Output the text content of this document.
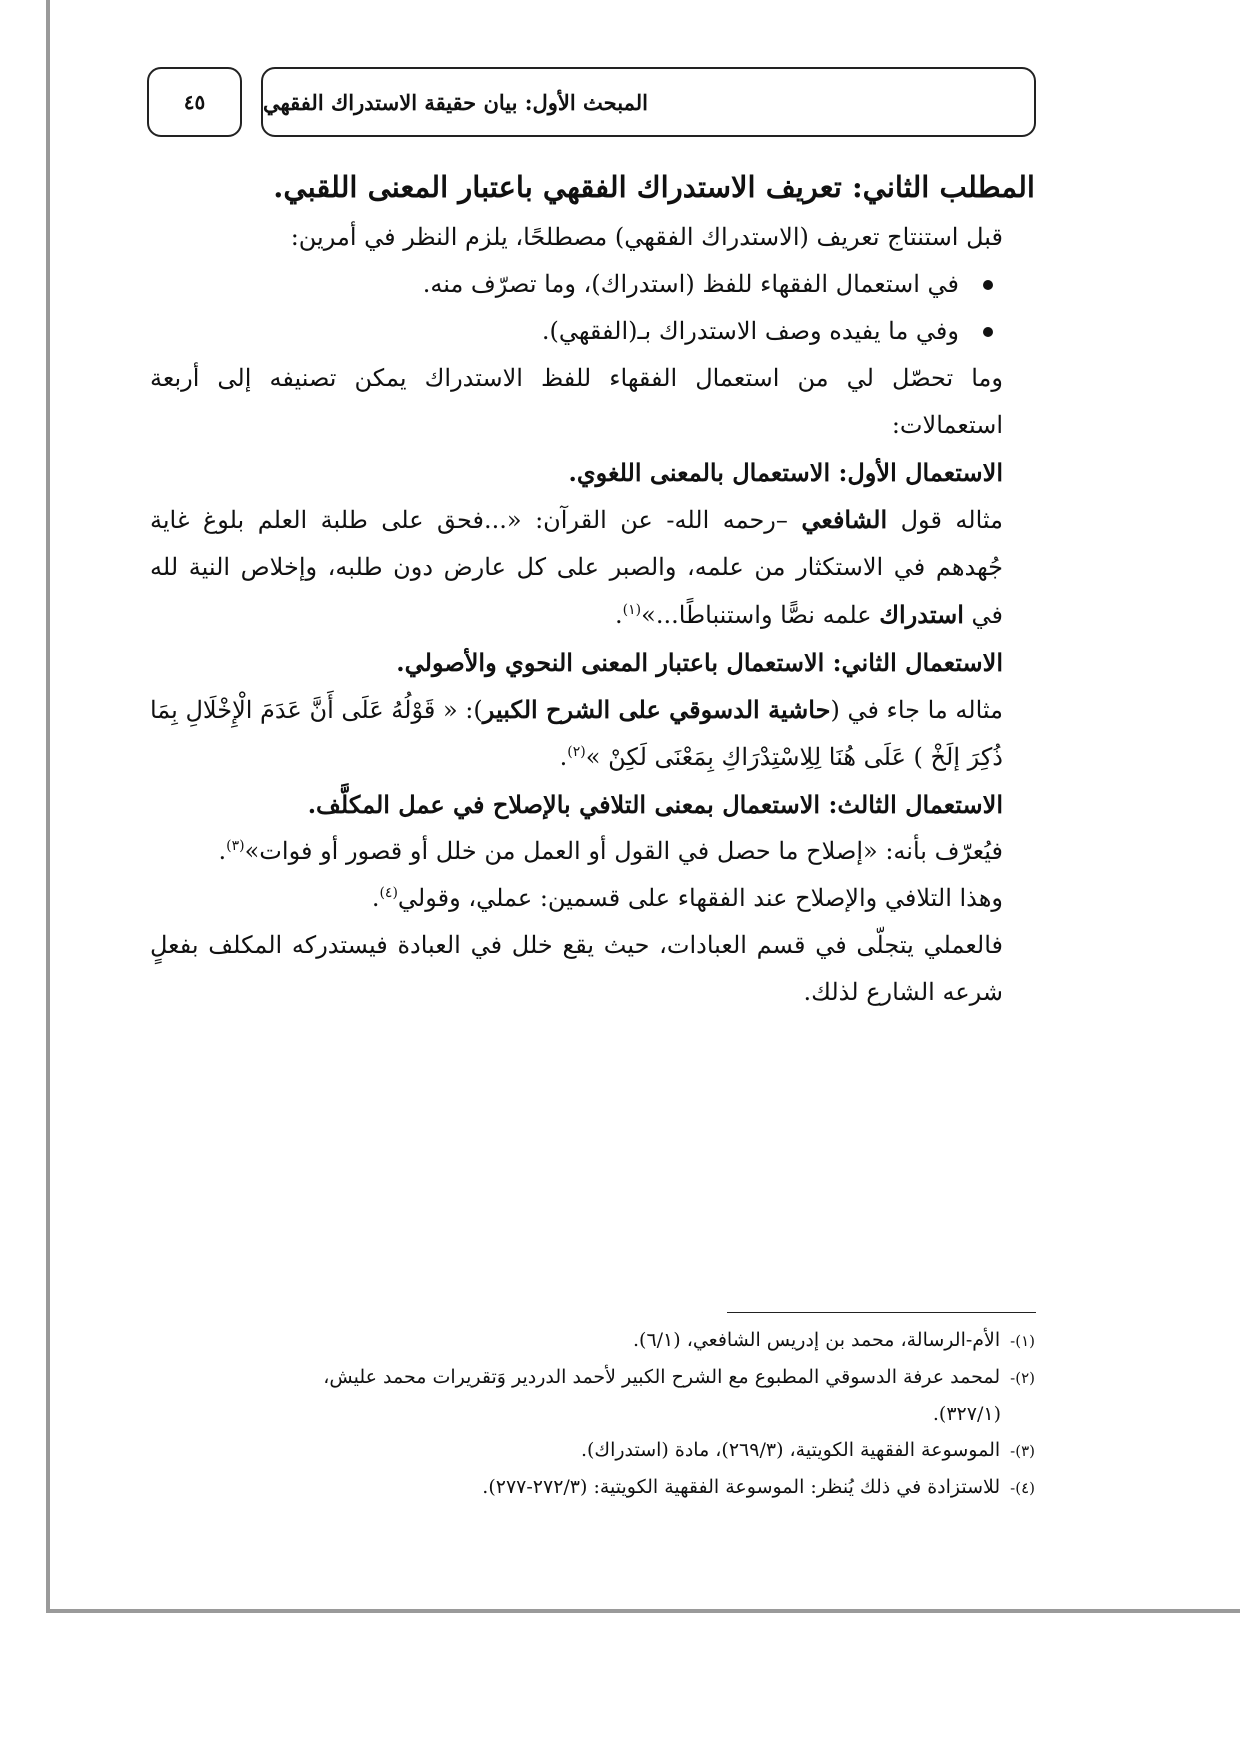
المبحث الأول: بيان حقيقة الاستدراك الفقهي
٤٥

المطلب الثاني: تعريف الاستدراك الفقهي باعتبار المعنى اللقبي.

قبل استنتاج تعريف (الاستدراك الفقهي) مصطلحًا، يلزم النظر في أمرين:

في استعمال الفقهاء للفظ (استدراك)، وما تصرّف منه.
وفي ما يفيده وصف الاستدراك بـ(الفقهي).

وما تحصّل لي من استعمال الفقهاء للفظ الاستدراك يمكن تصنيفه إلى أربعة استعمالات:

الاستعمال الأول: الاستعمال بالمعنى اللغوي.

مثاله قول الشافعي –رحمه الله- عن القرآن: «...فحق على طلبة العلم بلوغ غاية جُهدهم في الاستكثار من علمه، والصبر على كل عارض دون طلبه، وإخلاص النية لله في استدراك علمه نصًّا واستنباطًا...»$^{(١)}$.

الاستعمال الثاني: الاستعمال باعتبار المعنى النحوي والأصولي.

مثاله ما جاء في (حاشية الدسوقي على الشرح الكبير): « قَوْلُهُ عَلَى أَنَّ عَدَمَ الْإِخْلَالِ بِمَا ذُكِرَ إلَخْ ) عَلَى هُنَا لِلِاسْتِدْرَاكِ بِمَعْنَى لَكِنْ »$^{(٢)}$.

الاستعمال الثالث: الاستعمال بمعنى التلافي بالإصلاح في عمل المكلَّف.

فيُعرّف بأنه: «إصلاح ما حصل في القول أو العمل من خلل أو قصور أو فوات»$^{(٣)}$.

وهذا التلافي والإصلاح عند الفقهاء على قسمين: عملي، وقولي$^{(٤)}$.

فالعملي يتجلّى في قسم العبادات، حيث يقع خلل في العبادة فيستدركه المكلف بفعلٍ شرعه الشارع لذلك.

(١)-الأم-الرسالة، محمد بن إدريس الشافعي، (٦/١).

(٢)-لمحمد عرفة الدسوقي المطبوع مع الشرح الكبير لأحمد الدردير وَتقريرات محمد عليش،

(٣٢٧/١).

(٣)-الموسوعة الفقهية الكويتية، (٢٦٩/٣)، مادة (استدراك).

(٤)-للاستزادة في ذلك يُنظر: الموسوعة الفقهية الكويتية: (٢٧٢/٣-٢٧٧).
